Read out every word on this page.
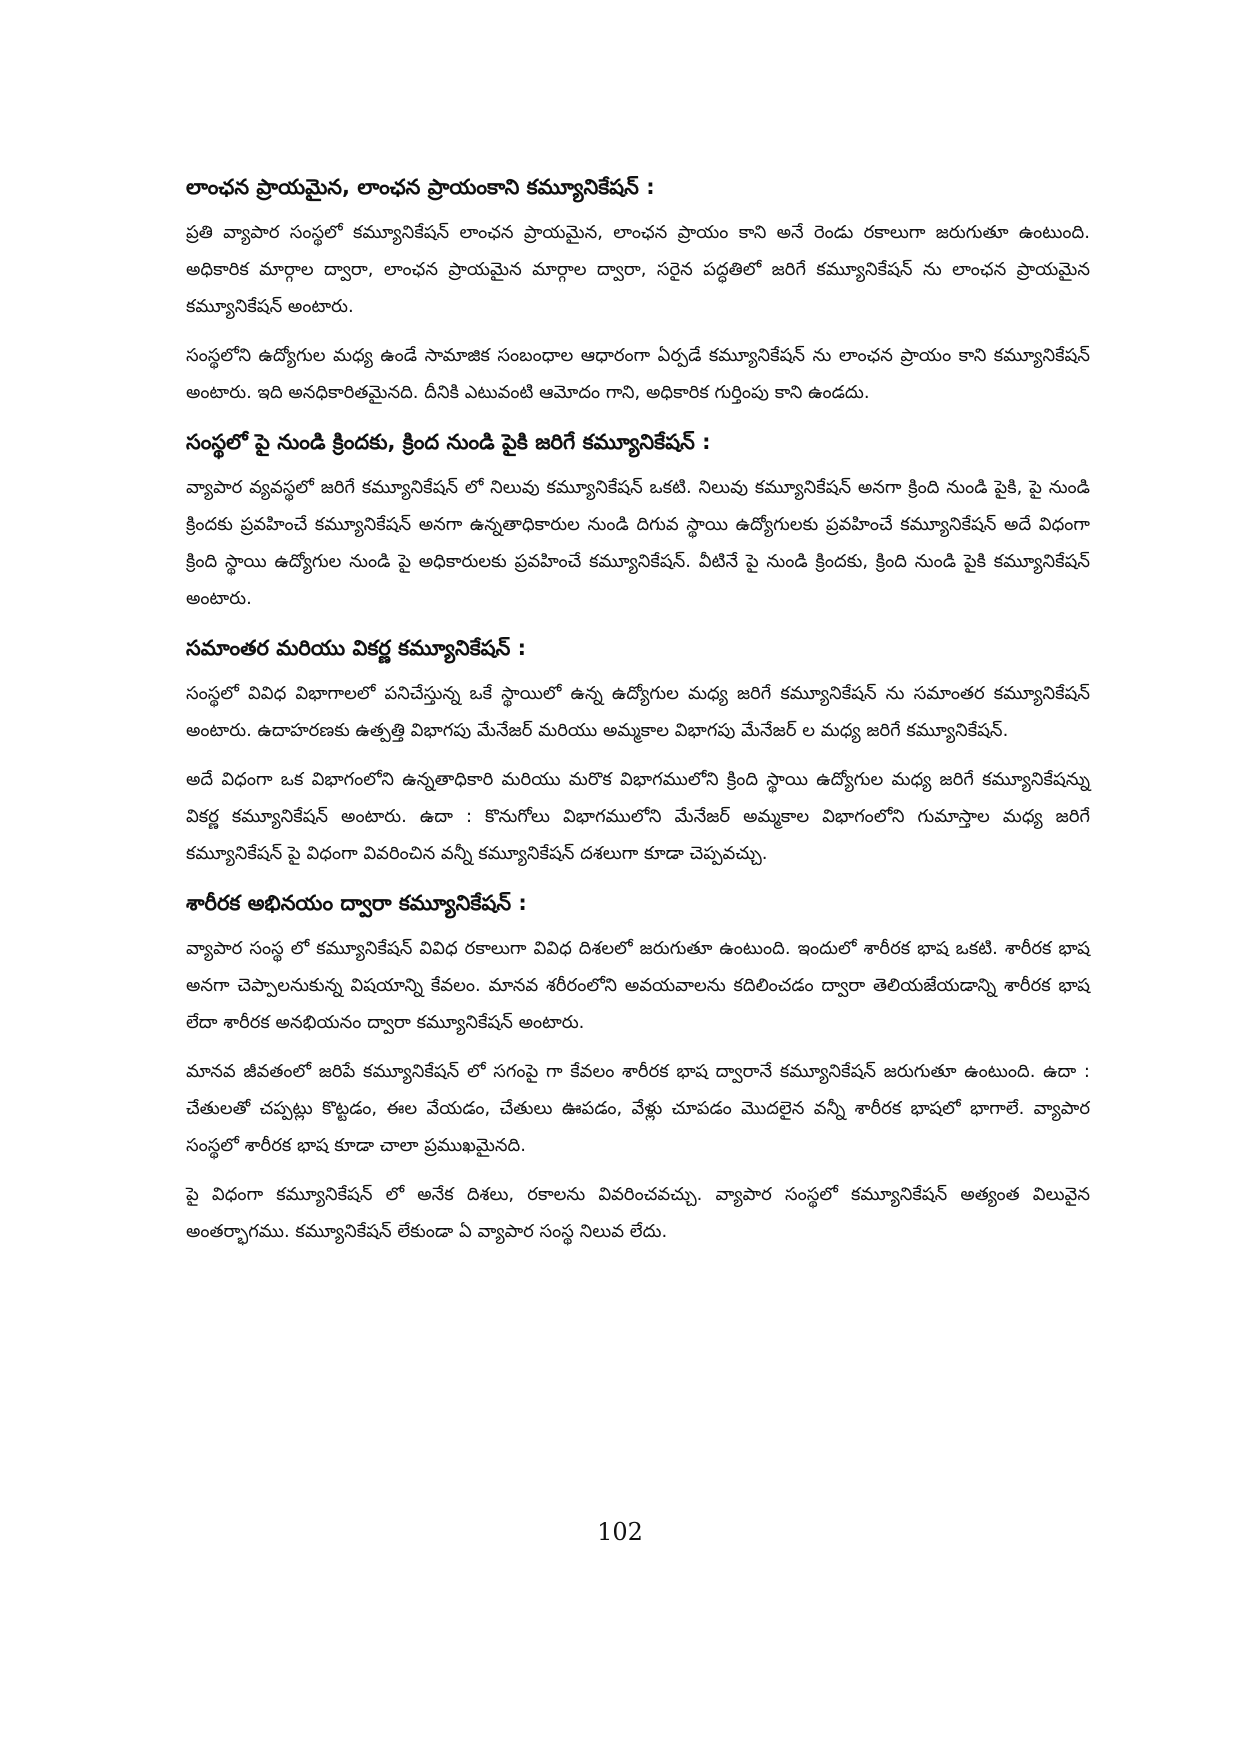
లాంఛన ప్రాయమైన, లాంఛన ప్రాయంకాని కమ్యూనికేషన్ :

ప్రతి వ్యాపార సంస్థలో కమ్యూనికేషన్ లాంఛన ప్రాయమైన, లాంఛన ప్రాయం కాని అనే రెండు రకాలుగా జరుగుతూ ఉంటుంది. అధికారిక మార్గాల ద్వారా, లాంఛన ప్రాయమైన మార్గాల ద్వారా, సరైన పద్ధతిలో జరిగే కమ్యూనికేషన్ ను లాంఛన ప్రాయమైన కమ్యూనికేషన్ అంటారు.

సంస్థలోని ఉద్యోగుల మధ్య ఉండే సామాజిక సంబంధాల ఆధారంగా ఏర్పడే కమ్యూనికేషన్ ను లాంఛన ప్రాయం కాని కమ్యూనికేషన్ అంటారు. ఇది అనధికారితమైనది. దీనికి ఎటువంటి ఆమోదం గాని, అధికారిక గుర్తింపు కాని ఉండదు.

సంస్థలో పై నుండి క్రిందకు, క్రింద నుండి పైకి జరిగే కమ్యూనికేషన్ :

వ్యాపార వ్యవస్థలో జరిగే కమ్యూనికేషన్ లో నిలువు కమ్యూనికేషన్ ఒకటి. నిలువు కమ్యూనికేషన్ అనగా క్రింది నుండి పైకి, పై నుండి క్రిందకు ప్రవహించే కమ్యూనికేషన్ అనగా ఉన్నతాధికారుల నుండి దిగువ స్థాయి ఉద్యోగులకు ప్రవహించే కమ్యూనికేషన్ అదే విధంగా క్రింది స్థాయి ఉద్యోగుల నుండి పై అధికారులకు ప్రవహించే కమ్యూనికేషన్. వీటినే పై నుండి క్రిందకు, క్రింది నుండి పైకి కమ్యూనికేషన్ అంటారు.

సమాంతర మరియు వికర్ణ కమ్యూనికేషన్ :

సంస్థలో వివిధ విభాగాలలో పనిచేస్తున్న ఒకే స్థాయిలో ఉన్న ఉద్యోగుల మధ్య జరిగే కమ్యూనికేషన్ ను సమాంతర కమ్యూనికేషన్ అంటారు. ఉదాహరణకు ఉత్పత్తి విభాగపు మేనేజర్ మరియు అమ్మకాల విభాగపు మేనేజర్ ల మధ్య జరిగే కమ్యూనికేషన్.

అదే విధంగా ఒక విభాగంలోని ఉన్నతాధికారి మరియు మరొక విభాగములోని క్రింది స్థాయి ఉద్యోగుల మధ్య జరిగే కమ్యూనికేషన్ను వికర్ణ కమ్యూనికేషన్ అంటారు. ఉదా : కొనుగోలు విభాగములోని మేనేజర్ అమ్మకాల విభాగంలోని గుమాస్తాల మధ్య జరిగే కమ్యూనికేషన్ పై విధంగా వివరించిన వన్నీ కమ్యూనికేషన్ దశలుగా కూడా చెప్పవచ్చు.

శారీరక అభినయం ద్వారా కమ్యూనికేషన్ :

వ్యాపార సంస్థ లో కమ్యూనికేషన్ వివిధ రకాలుగా వివిధ దిశలలో జరుగుతూ ఉంటుంది. ఇందులో శారీరక భాష ఒకటి. శారీరక భాష అనగా చెప్పాలనుకున్న విషయాన్ని కేవలం. మానవ శరీరంలోని అవయవాలను కదిలించడం ద్వారా తెలియజేయడాన్ని శారీరక భాష లేదా శారీరక అనభియనం ద్వారా కమ్యూనికేషన్ అంటారు.

మానవ జీవతంలో జరిపే కమ్యూనికేషన్ లో సగంపై గా కేవలం శారీరక భాష ద్వారానే కమ్యూనికేషన్ జరుగుతూ ఉంటుంది. ఉదా : చేతులతో చప్పట్లు కొట్టడం, ఈల వేయడం, చేతులు ఊపడం, వేళ్లు చూపడం మొదలైన వన్నీ శారీరక భాషలో భాగాలే. వ్యాపార సంస్థలో శారీరక భాష కూడా చాలా ప్రముఖమైనది.

పై విధంగా కమ్యూనికేషన్ లో అనేక దిశలు, రకాలను వివరించవచ్చు. వ్యాపార సంస్థలో కమ్యూనికేషన్ అత్యంత విలువైన అంతర్భాగము. కమ్యూనికేషన్ లేకుండా ఏ వ్యాపార సంస్థ నిలువ లేదు.

102
